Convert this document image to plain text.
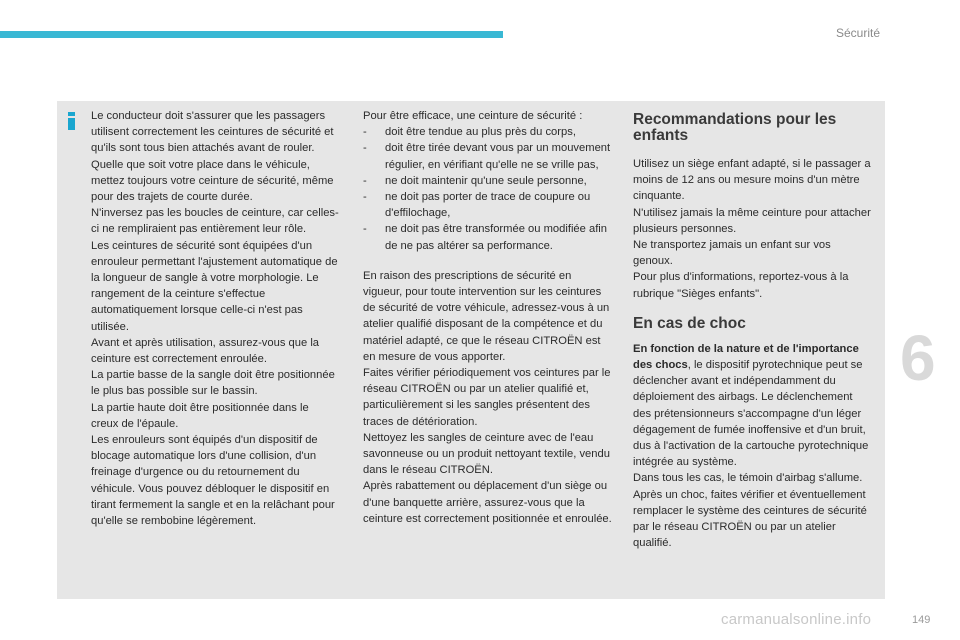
Sécurité

Le conducteur doit s'assurer que les passagers utilisent correctement les ceintures de sécurité et qu'ils sont tous bien attachés avant de rouler.

Quelle que soit votre place dans le véhicule, mettez toujours votre ceinture de sécurité, même pour des trajets de courte durée.

N'inversez pas les boucles de ceinture, car celles-ci ne rempliraient pas entièrement leur rôle.

Les ceintures de sécurité sont équipées d'un enrouleur permettant l'ajustement automatique de la longueur de sangle à votre morphologie. Le rangement de la ceinture s'effectue automatiquement lorsque celle-ci n'est pas utilisée.

Avant et après utilisation, assurez-vous que la ceinture est correctement enroulée.

La partie basse de la sangle doit être positionnée le plus bas possible sur le bassin.

La partie haute doit être positionnée dans le creux de l'épaule.

Les enrouleurs sont équipés d'un dispositif de blocage automatique lors d'une collision, d'un freinage d'urgence ou du retournement du véhicule. Vous pouvez débloquer le dispositif en tirant fermement la sangle et en la relâchant pour qu'elle se rembobine légèrement.

Pour être efficace, une ceinture de sécurité :

-	doit être tendue au plus près du corps,
-	doit être tirée devant vous par un mouvement régulier, en vérifiant qu'elle ne se vrille pas,
-	ne doit maintenir qu'une seule personne,
-	ne doit pas porter de trace de coupure ou d'effilochage,
-	ne doit pas être transformée ou modifiée afin de ne pas altérer sa performance.

En raison des prescriptions de sécurité en vigueur, pour toute intervention sur les ceintures de sécurité de votre véhicule, adressez-vous à un atelier qualifié disposant de la compétence et du matériel adapté, ce que le réseau CITROËN est en mesure de vous apporter.

Faites vérifier périodiquement vos ceintures par le réseau CITROËN ou par un atelier qualifié et, particulièrement si les sangles présentent des traces de détérioration.

Nettoyez les sangles de ceinture avec de l'eau savonneuse ou un produit nettoyant textile, vendu dans le réseau CITROËN.

Après rabattement ou déplacement d'un siège ou d'une banquette arrière, assurez-vous que la ceinture est correctement positionnée et enroulée.

Recommandations pour les enfants

Utilisez un siège enfant adapté, si le passager a moins de 12 ans ou mesure moins d'un mètre cinquante.

N'utilisez jamais la même ceinture pour attacher plusieurs personnes.

Ne transportez jamais un enfant sur vos genoux.

Pour plus d'informations, reportez-vous à la rubrique "Sièges enfants".

En cas de choc

En fonction de la nature et de l'importance des chocs, le dispositif pyrotechnique peut se déclencher avant et indépendamment du déploiement des airbags. Le déclenchement des prétensionneurs s'accompagne d'un léger dégagement de fumée inoffensive et d'un bruit, dus à l'activation de la cartouche pyrotechnique intégrée au système.

Dans tous les cas, le témoin d'airbag s'allume.

Après un choc, faites vérifier et éventuellement remplacer le système des ceintures de sécurité par le réseau CITROËN ou par un atelier qualifié.

6
carmanualsonline.info	149
